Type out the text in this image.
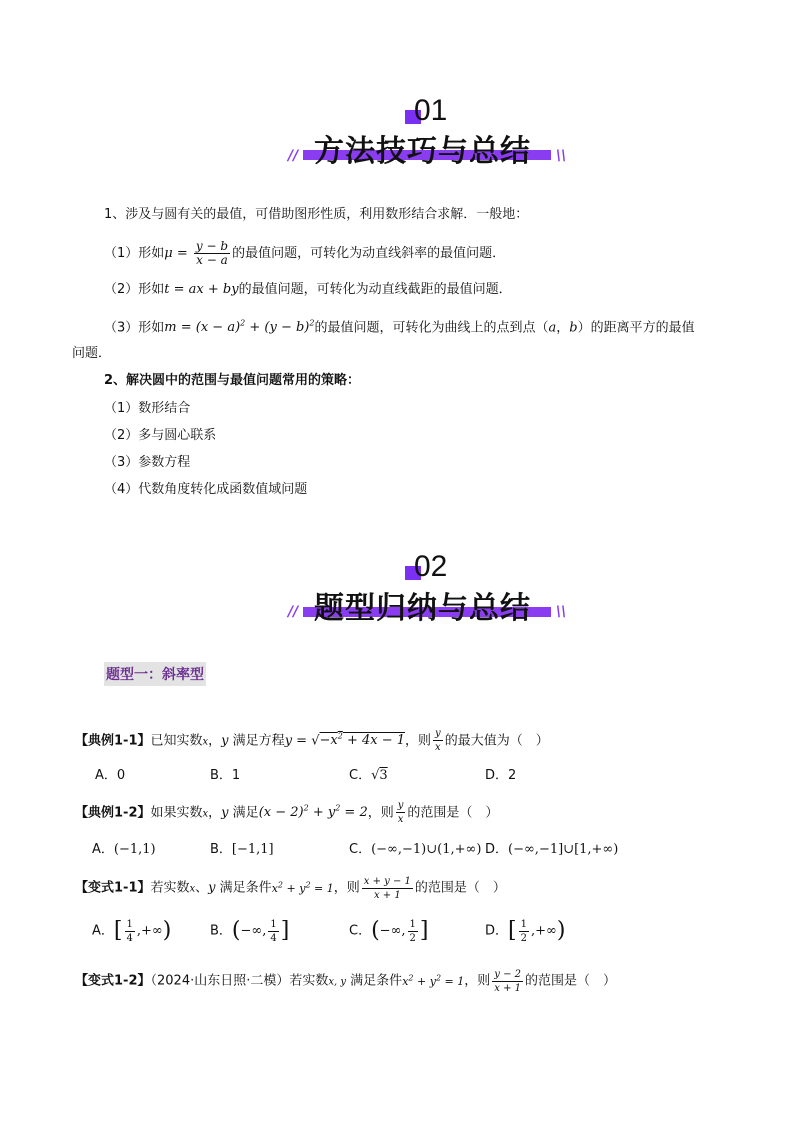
01
// 方法技巧与总结 \\
1、涉及与圆有关的最值，可借助图形性质，利用数形结合求解．一般地：
（1）形如$\mu = \frac{y - b}{x - a}$ 的最值问题，可转化为动直线斜率的最值问题．
（2）形如t = ax + by的最值问题，可转化为动直线截距的最值问题．
（3）形如$m = (x - a)^2 + (y - b)^2$的最值问题，可转化为曲线上的点到点（a，b）的距离平方的最值
问题．
2、解决圆中的范围与最值问题常用的策略：
（1）数形结合
（2）多与圆心联系
（3）参数方程
（4）代数角度转化成函数值域问题
02
// 题型归纳与总结 \\
题型一：斜率型
【典例1-1】已知实数x，y 满足方程$y = √-x^2 + 4x - 1$，则 $\frac{y}{x}$ 的最大值为（　）
A．0	B．1	C．√3	D．2
【典例1-2】如果实数x，y 满足$(x - 2)^2 + y^2 = 2$，则 $\frac{y}{x}$ 的范围是（　）
A．(−1,1)	B．[−1,1]	C．(−∞,−1)∪(1,+∞) D．(−∞,−1]∪[1,+∞)
【变式1-1】若实数x、y 满足条件$x^2 + y^2 = 1$，则 $\frac{x + y - 1}{x + 1}$ 的范围是（　）
A．[ $\frac{1}{4}$ ,+∞)	B．(−∞, $\frac{1}{4}$ ]	C．(−∞, $\frac{1}{2}$ ]	D．[ $\frac{1}{2}$ ,+∞)
【变式1-2】（2024·山东日照·二模）若实数x, y 满足条件$x^2 + y^2 = 1$，则 $\frac{y - 2}{x + 1}$ 的范围是（　）
